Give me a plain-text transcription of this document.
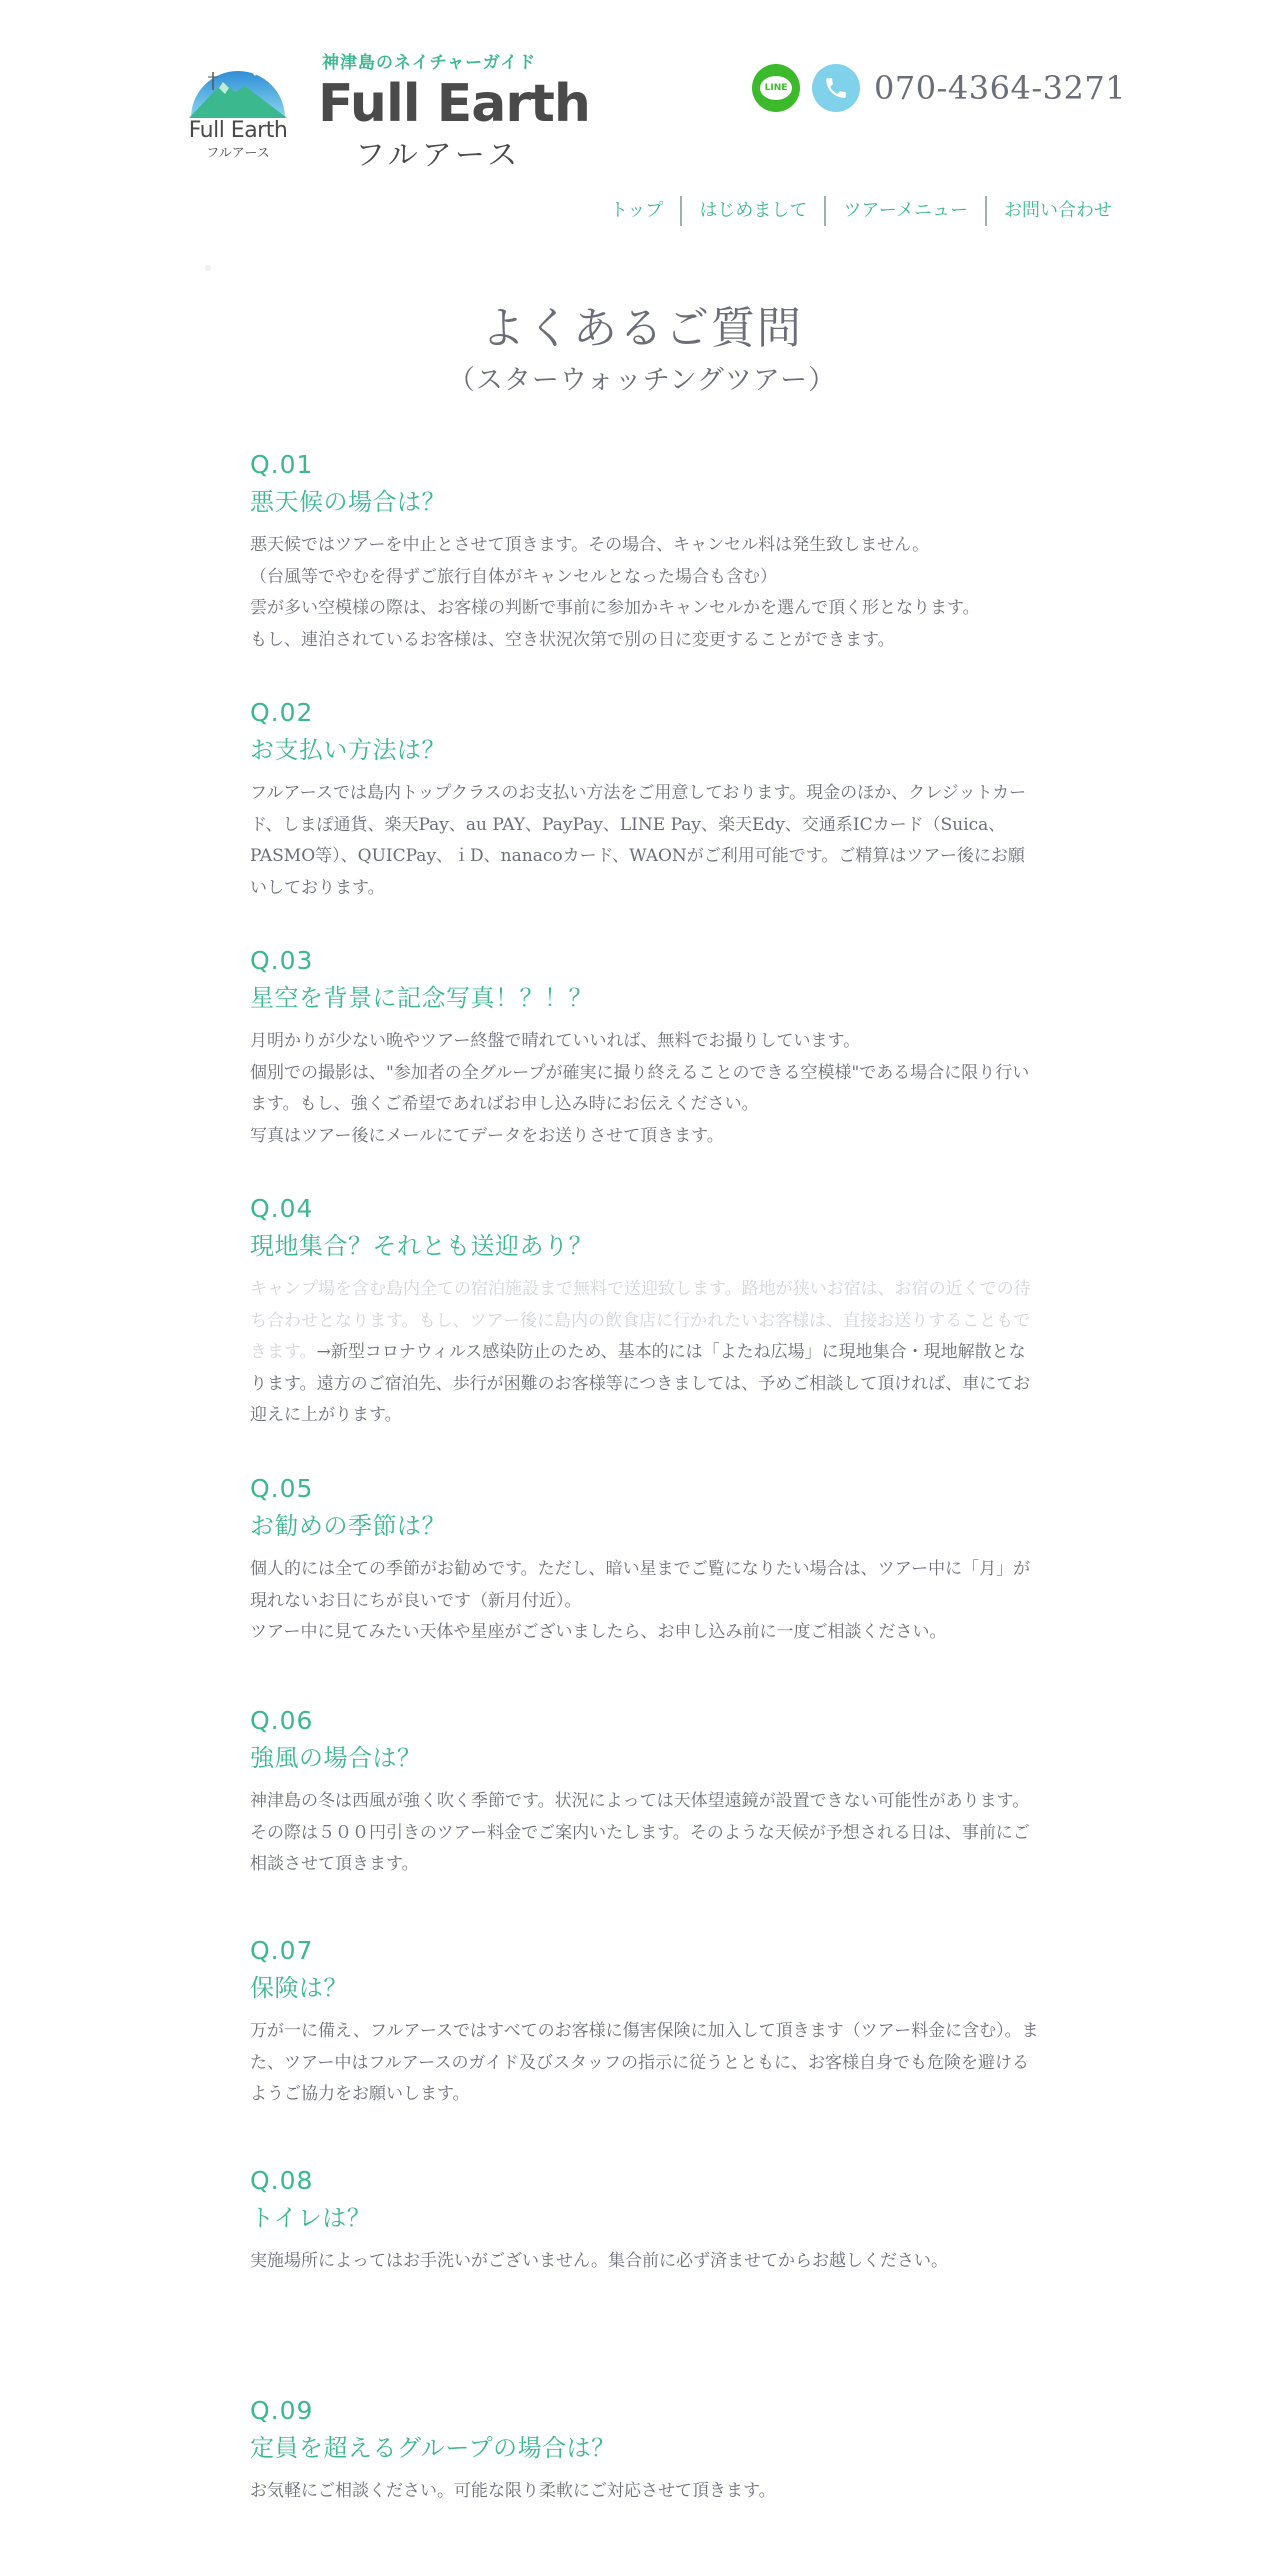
Full Earth
フルアース
神津島のネイチャーガイド
Full Earth
フルアース
LINE	070-4364-3271
トップ	はじめまして	ツアーメニュー	お問い合わせ
よくあるご質問
（スターウォッチングツアー）
Q.01
悪天候の場合は？

悪天候ではツアーを中止とさせて頂きます。その場合、キャンセル料は発生致しません。

（台風等でやむを得ずご旅行自体がキャンセルとなった場合も含む）

雲が多い空模様の際は、お客様の判断で事前に参加かキャンセルかを選んで頂く形となります。

もし、連泊されているお客様は、空き状況次第で別の日に変更することができます。

Q.02
お支払い方法は？

フルアースでは島内トップクラスのお支払い方法をご用意しております。現金のほか、クレジットカード、しまぽ通貨、楽天Pay、au PAY、PayPay、LINE Pay、楽天Edy、交通系ICカード（Suica、PASMO等）、QUICPay、ｉD、nanacoカード、WAONがご利用可能です。ご精算はツアー後にお願いしております。

Q.03
星空を背景に記念写真！？！？

月明かりが少ない晩やツアー終盤で晴れていいれば、無料でお撮りしています。

個別での撮影は、"参加者の全グループが確実に撮り終えることのできる空模様"である場合に限り行います。もし、強くご希望であればお申し込み時にお伝えください。

写真はツアー後にメールにてデータをお送りさせて頂きます。

Q.04
現地集合？それとも送迎あり？

キャンプ場を含む島内全ての宿泊施設まで無料で送迎致します。路地が狭いお宿は、お宿の近くでの待ち合わせとなります。もし、ツアー後に島内の飲食店に行かれたいお客様は、直接お送りすることもできます。→新型コロナウィルス感染防止のため、基本的には「よたね広場」に現地集合・現地解散となります。遠方のご宿泊先、歩行が困難のお客様等につきましては、予めご相談して頂ければ、車にてお迎えに上がります。

Q.05
お勧めの季節は？

個人的には全ての季節がお勧めです。ただし、暗い星までご覧になりたい場合は、ツアー中に「月」が現れないお日にちが良いです（新月付近）。

ツアー中に見てみたい天体や星座がございましたら、お申し込み前に一度ご相談ください。

Q.06
強風の場合は？

神津島の冬は西風が強く吹く季節です。状況によっては天体望遠鏡が設置できない可能性があります。その際は５００円引きのツアー料金でご案内いたします。そのような天候が予想される日は、事前にご相談させて頂きます。

Q.07
保険は？

万が一に備え、フルアースではすべてのお客様に傷害保険に加入して頂きます（ツアー料金に含む）。また、ツアー中はフルアースのガイド及びスタッフの指示に従うとともに、お客様自身でも危険を避けるようご協力をお願いします。

Q.08
トイレは？

実施場所によってはお手洗いがございません。集合前に必ず済ませてからお越しください。

Q.09
定員を超えるグループの場合は？

お気軽にご相談ください。可能な限り柔軟にご対応させて頂きます。
